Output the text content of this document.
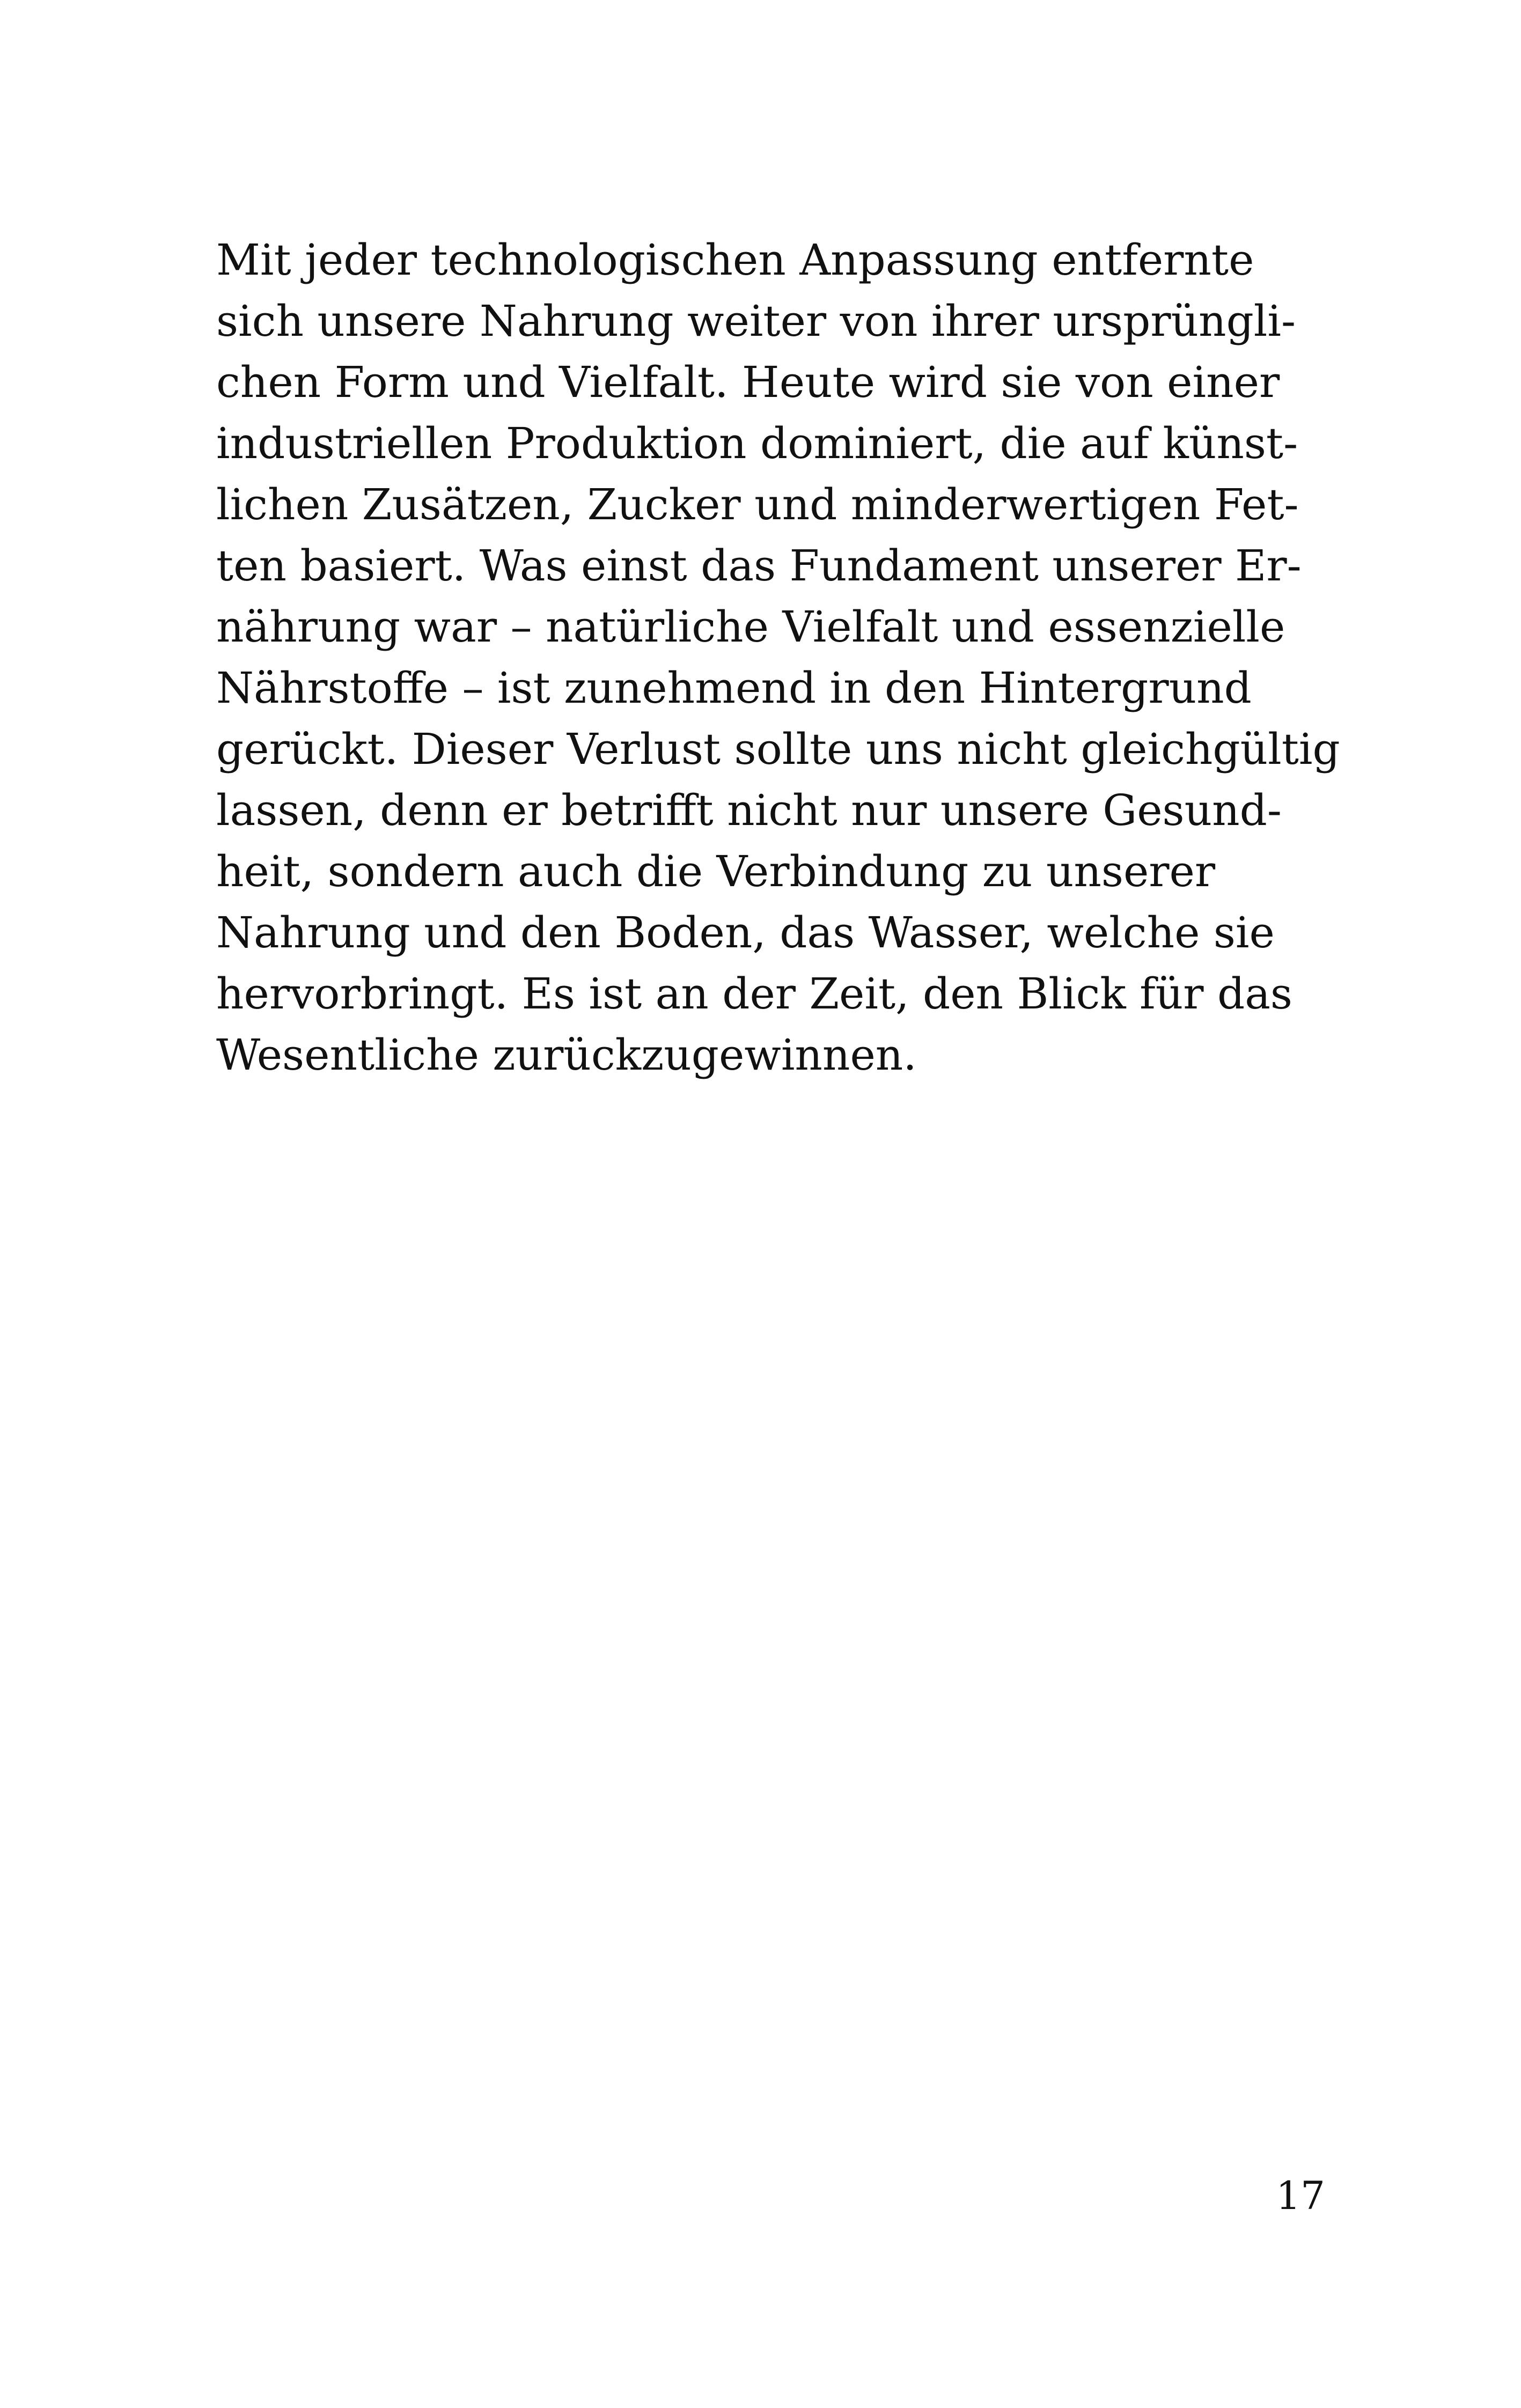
Mit jeder technologischen Anpassung entfernte
sich unsere Nahrung weiter von ihrer ursprüngli-
chen Form und Vielfalt. Heute wird sie von einer
industriellen Produktion dominiert, die auf künst-
lichen Zusätzen, Zucker und minderwertigen Fet-
ten basiert. Was einst das Fundament unserer Er-
nährung war – natürliche Vielfalt und essenzielle
Nährstoffe – ist zunehmend in den Hintergrund
gerückt. Dieser Verlust sollte uns nicht gleichgültig
lassen, denn er betrifft nicht nur unsere Gesund-
heit, sondern auch die Verbindung zu unserer
Nahrung und den Boden, das Wasser, welche sie
hervorbringt. Es ist an der Zeit, den Blick für das
Wesentliche zurückzugewinnen.
17
